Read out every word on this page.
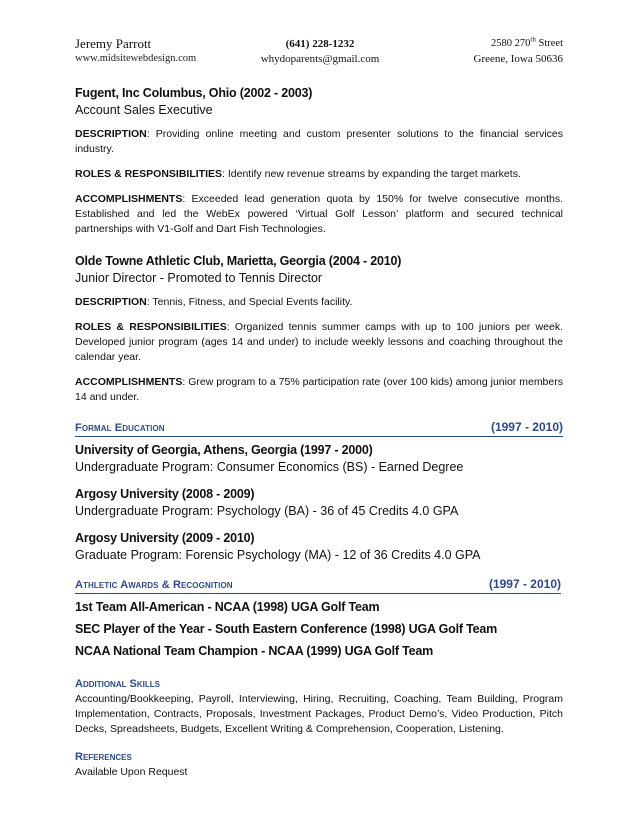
Jeremy Parrott
www.midsitewebdesign.com
(641) 228-1232
whydoparents@gmail.com
2580 270th Street
Greene, Iowa 50636
Fugent, Inc Columbus, Ohio (2002 - 2003)
Account Sales Executive

DESCRIPTION: Providing online meeting and custom presenter solutions to the financial services industry.

ROLES & RESPONSIBILITIES: Identify new revenue streams by expanding the target markets.

ACCOMPLISHMENTS: Exceeded lead generation quota by 150% for twelve consecutive months. Established and led the WebEx powered ‘Virtual Golf Lesson’ platform and secured technical partnerships with V1-Golf and Dart Fish Technologies.

Olde Towne Athletic Club, Marietta, Georgia (2004 - 2010)
Junior Director - Promoted to Tennis Director

DESCRIPTION: Tennis, Fitness, and Special Events facility.

ROLES & RESPONSIBILITIES: Organized tennis summer camps with up to 100 juniors per week. Developed junior program (ages 14 and under) to include weekly lessons and coaching throughout the calendar year.

ACCOMPLISHMENTS: Grew program to a 75% participation rate (over 100 kids) among junior members 14 and under.

Formal Education	(1997 - 2010)
University of Georgia, Athens, Georgia (1997 - 2000)
Undergraduate Program: Consumer Economics (BS) - Earned Degree
Argosy University (2008 - 2009)
Undergraduate Program: Psychology (BA) - 36 of 45 Credits 4.0 GPA
Argosy University (2009 - 2010)
Graduate Program: Forensic Psychology (MA) - 12 of 36 Credits 4.0 GPA
Athletic Awards & Recognition	(1997 - 2010)
1st Team All-American - NCAA (1998) UGA Golf Team
SEC Player of the Year - South Eastern Conference (1998) UGA Golf Team
NCAA National Team Champion - NCAA (1999) UGA Golf Team
Additional Skills

Accounting/Bookkeeping, Payroll, Interviewing, Hiring, Recruiting, Coaching, Team Building, Program Implementation, Contracts, Proposals, Investment Packages, Product Demo’s, Video Production, Pitch Decks, Spreadsheets, Budgets, Excellent Writing & Comprehension, Cooperation, Listening.

References

Available Upon Request
